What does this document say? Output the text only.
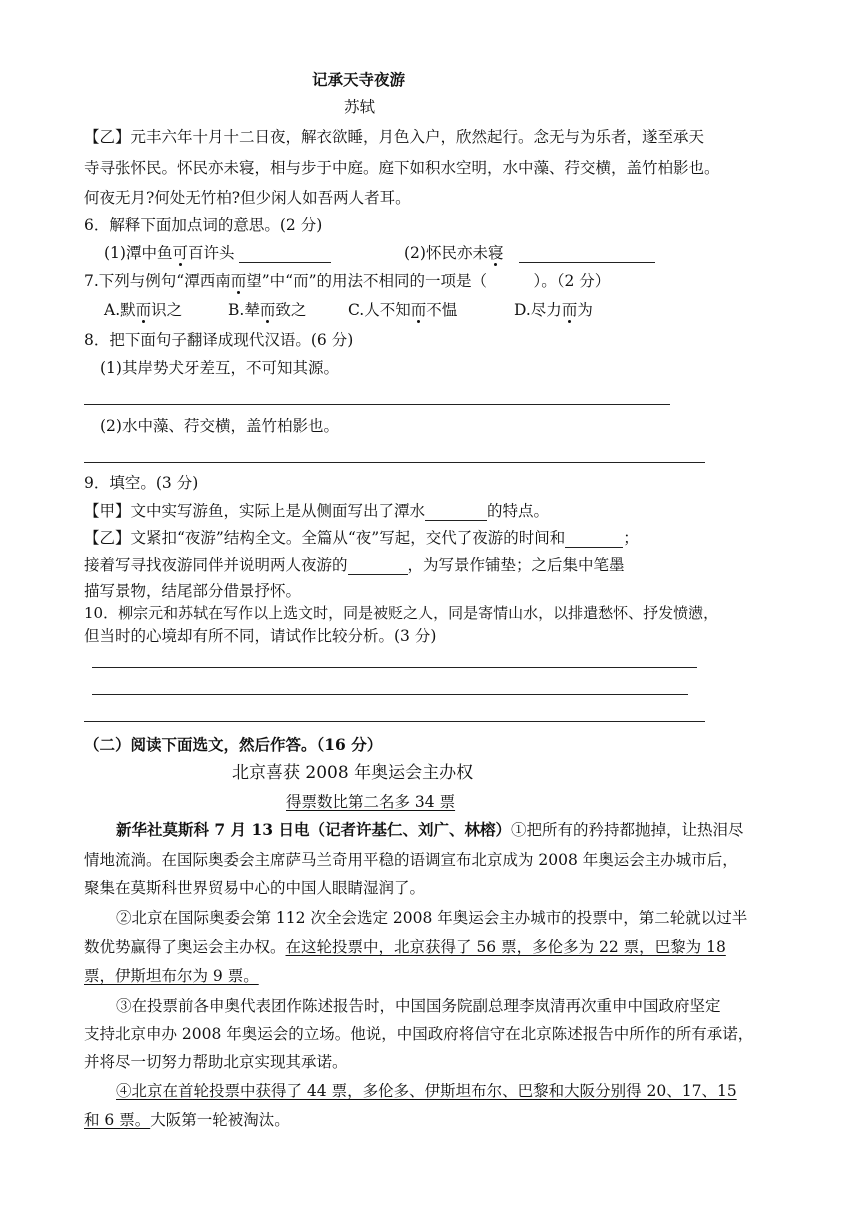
记承天寺夜游
苏轼
【乙】元丰六年十月十二日夜，解衣欲睡，月色入户，欣然起行。念无与为乐者，遂至承天
寺寻张怀民。怀民亦未寝，相与步于中庭。庭下如积水空明，水中藻、荇交横，盖竹柏影也。
何夜无月?何处无竹柏?但少闲人如吾两人者耳。
6．解释下面加点词的意思。(2 分)
(1)潭中鱼可百许头	(2)怀民亦未寝
7.下列与例句“潭西南而望”中“而”的用法不相同的一项是（　　　）。（2 分）
A.默而识之	B.辇而致之	C.人不知而不愠	D.尽力而为
8．把下面句子翻译成现代汉语。(6 分)
(1)其岸势犬牙差互，不可知其源。
(2)水中藻、荇交横，盖竹柏影也。
9．填空。(3 分)
【甲】文中实写游鱼，实际上是从侧面写出了潭水	的特点。
【乙】文紧扣“夜游”结构全文。全篇从“夜”写起，交代了夜游的时间和	；
接着写寻找夜游同伴并说明两人夜游的	，为写景作铺垫；之后集中笔墨
描写景物，结尾部分借景抒怀。
10．柳宗元和苏轼在写作以上选文时，同是被贬之人，同是寄情山水，以排遣愁怀、抒发愤懑，
但当时的心境却有所不同，请试作比较分析。(3 分)
（二）阅读下面选文，然后作答。（16 分）
北京喜获 2008 年奥运会主办权
得票数比第二名多 34 票
新华社莫斯科 7 月 13 日电（记者许基仁、刘广、林榕）①把所有的矜持都抛掉，让热泪尽
情地流淌。在国际奥委会主席萨马兰奇用平稳的语调宣布北京成为 2008 年奥运会主办城市后，
聚集在莫斯科世界贸易中心的中国人眼睛湿润了。
②北京在国际奥委会第 112 次全会选定 2008 年奥运会主办城市的投票中，第二轮就以过半
数优势赢得了奥运会主办权。在这轮投票中，北京获得了 56 票，多伦多为 22 票，巴黎为 18
票，伊斯坦布尔为 9 票。
③在投票前各申奥代表团作陈述报告时，中国国务院副总理李岚清再次重申中国政府坚定
支持北京申办 2008 年奥运会的立场。他说，中国政府将信守在北京陈述报告中所作的所有承诺，
并将尽一切努力帮助北京实现其承诺。
④北京在首轮投票中获得了 44 票，多伦多、伊斯坦布尔、巴黎和大阪分别得 20、17、15
和 6 票。大阪第一轮被淘汰。
